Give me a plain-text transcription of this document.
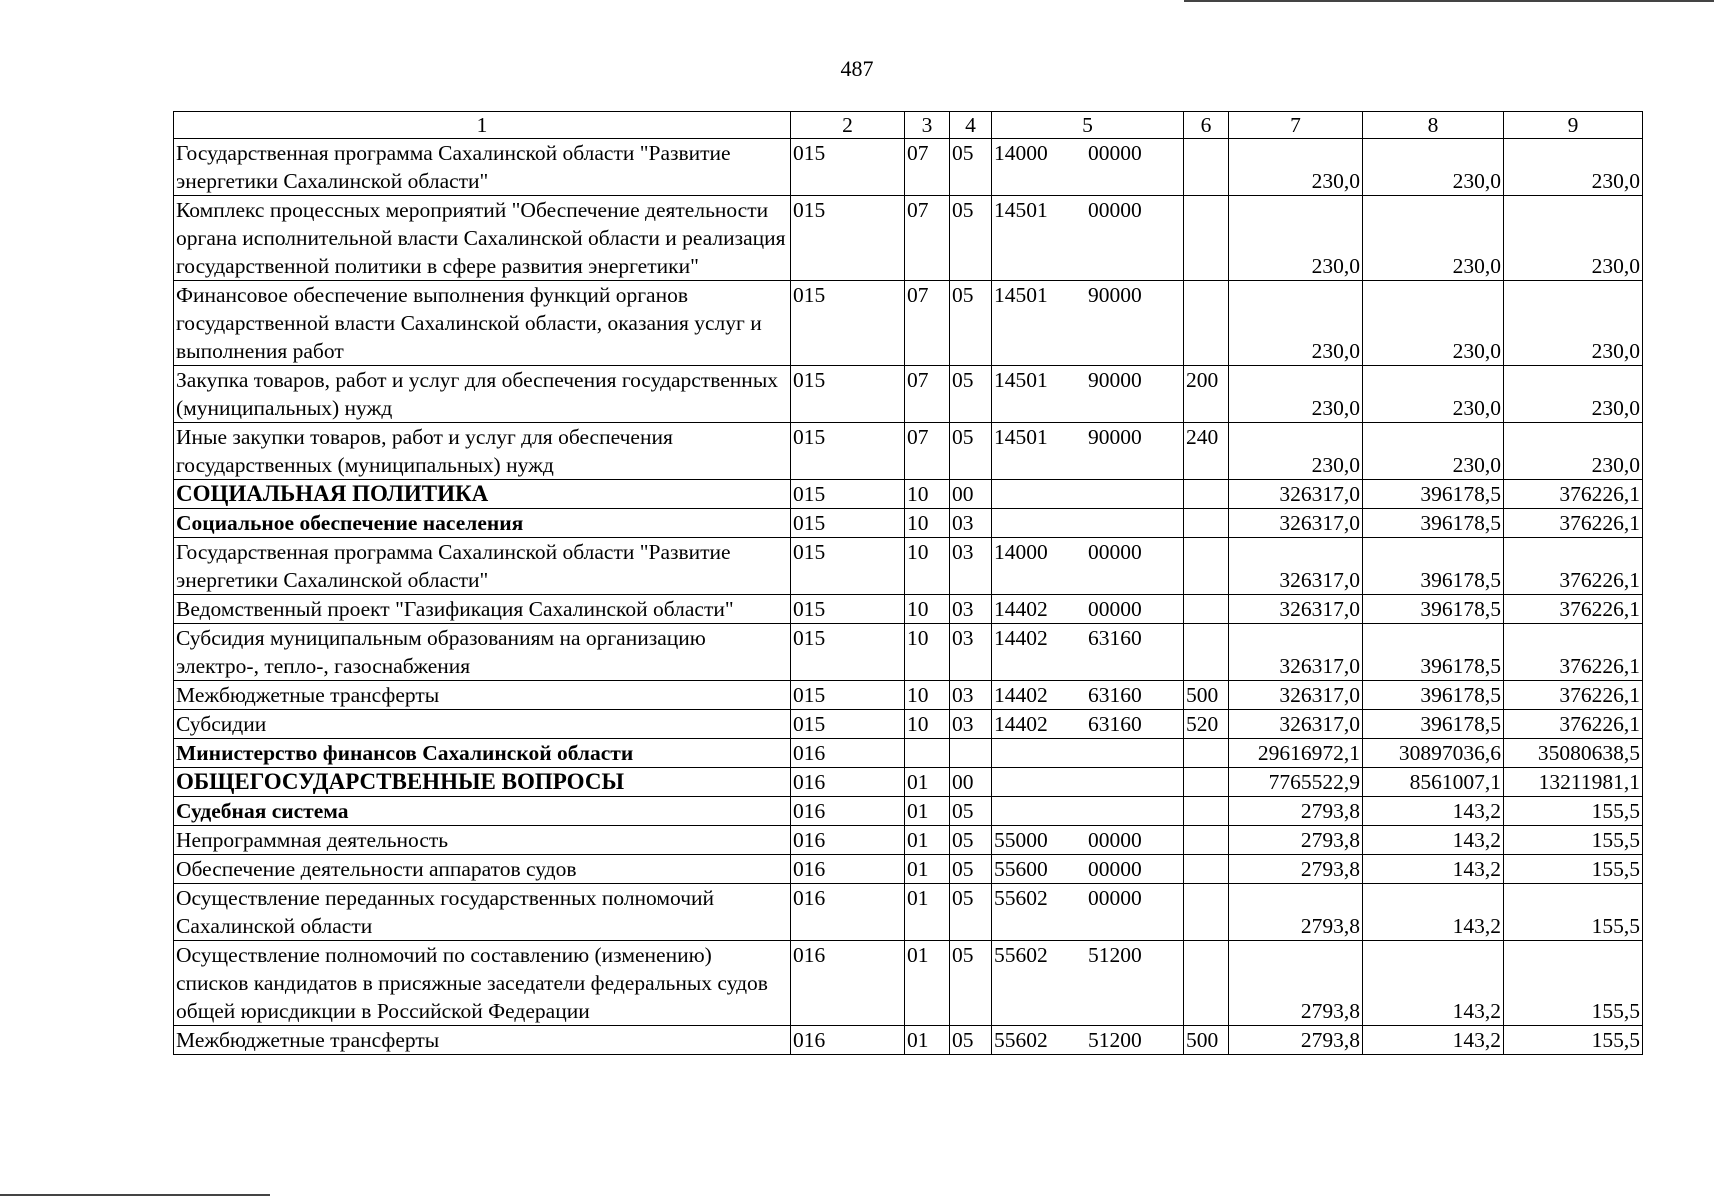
487
1	2	3	4	5	6	7	8	9
Государственная программа Сахалинской области "Развитие энергетики Сахалинской области"	015	07	05	14000 00000		230,0	230,0	230,0
Комплекс процессных мероприятий "Обеспечение деятельности органа исполнительной власти Сахалинской области и реализация государственной политики в сфере развития энергетики"	015	07	05	14501 00000		230,0	230,0	230,0
Финансовое обеспечение выполнения функций органов государственной власти Сахалинской области, оказания услуг и выполнения работ	015	07	05	14501 90000		230,0	230,0	230,0
Закупка товаров, работ и услуг для обеспечения государственных (муниципальных) нужд	015	07	05	14501 90000	200	230,0	230,0	230,0
Иные закупки товаров, работ и услуг для обеспечения государственных (муниципальных) нужд	015	07	05	14501 90000	240	230,0	230,0	230,0
СОЦИАЛЬНАЯ ПОЛИТИКА	015	10	00			326317,0	396178,5	376226,1
Социальное обеспечение населения	015	10	03			326317,0	396178,5	376226,1
Государственная программа Сахалинской области "Развитие энергетики Сахалинской области"	015	10	03	14000 00000		326317,0	396178,5	376226,1
Ведомственный проект "Газификация Сахалинской области"	015	10	03	14402 00000		326317,0	396178,5	376226,1
Субсидия муниципальным образованиям на организацию электро-, тепло-, газоснабжения	015	10	03	14402 63160		326317,0	396178,5	376226,1
Межбюджетные трансферты	015	10	03	14402 63160	500	326317,0	396178,5	376226,1
Субсидии	015	10	03	14402 63160	520	326317,0	396178,5	376226,1
Министерство финансов Сахалинской области	016					29616972,1	30897036,6	35080638,5
ОБЩЕГОСУДАРСТВЕННЫЕ ВОПРОСЫ	016	01	00			7765522,9	8561007,1	13211981,1
Судебная система	016	01	05			2793,8	143,2	155,5
Непрограммная деятельность	016	01	05	55000 00000		2793,8	143,2	155,5
Обеспечение деятельности аппаратов судов	016	01	05	55600 00000		2793,8	143,2	155,5
Осуществление переданных государственных полномочий Сахалинской области	016	01	05	55602 00000		2793,8	143,2	155,5
Осуществление полномочий по составлению (изменению) списков кандидатов в присяжные заседатели федеральных судов общей юрисдикции в Российской Федерации	016	01	05	55602 51200		2793,8	143,2	155,5
Межбюджетные трансферты	016	01	05	55602 51200	500	2793,8	143,2	155,5
